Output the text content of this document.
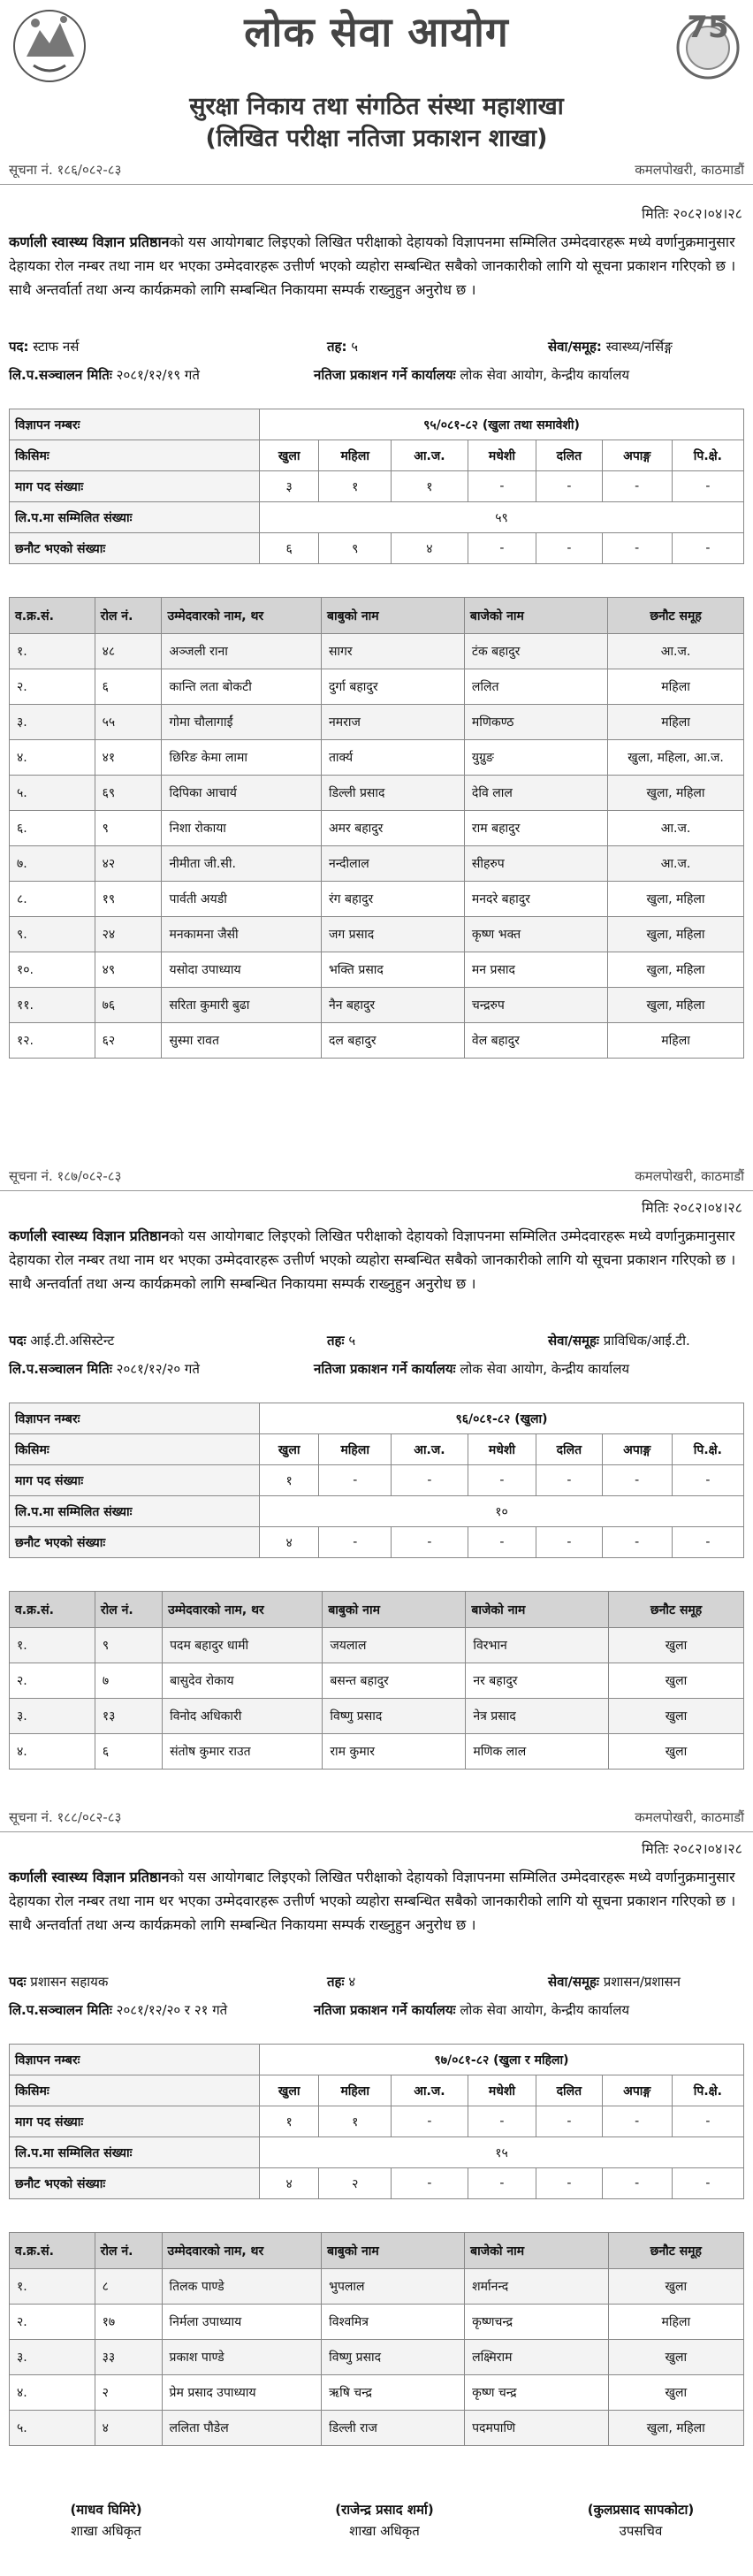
लोक सेवा आयोग	75
सुरक्षा निकाय तथा संगठित संस्था महाशाखा
(लिखित परीक्षा नतिजा प्रकाशन शाखा)
सूचना नं. १८६/०८२-८३	कमलपोखरी, काठमाडौं
मितिः २०८२।०४।२८
कर्णाली स्वास्थ्य विज्ञान प्रतिष्ठानको यस आयोगबाट लिइएको लिखित परीक्षाको देहायको विज्ञापनमा सम्मिलित उम्मेदवारहरू मध्ये वर्णानुक्रमानुसार देहायका रोल नम्बर तथा नाम थर भएका उम्मेदवारहरू उत्तीर्ण भएको व्यहोरा सम्बन्धित सबैको जानकारीको लागि यो सूचना प्रकाशन गरिएको छ । साथै अन्तर्वार्ता तथा अन्य कार्यक्रमको लागि सम्बन्धित निकायमा सम्पर्क राख्नुहुन अनुरोध छ ।
पद: स्टाफ नर्स	तह: ५	सेवा/समूह: स्वास्थ्य/नर्सिङ्ग
लि.प.सञ्चालन मितिः २०८१/१२/१९ गते	नतिजा प्रकाशन गर्ने कार्यालयः लोक सेवा आयोग, केन्द्रीय कार्यालय
विज्ञापन नम्बरः	९५/०८१-८२ (खुला तथा समावेशी)						
किसिमः	खुला	महिला	आ.ज.	मधेशी	दलित	अपाङ्ग	पि.क्षे.
माग पद संख्याः	३	१	१	-	-	-	-
लि.प.मा सम्मिलित संख्याः	५९						
छनौट भएको संख्याः	६	९	४	-	-	-	-
व.क्र.सं.	रोल नं.	उम्मेदवारको नाम, थर	बाबुको नाम	बाजेको नाम	छनौट समूह
१.	४८	अञ्जली राना	सागर	टंक बहादुर	आ.ज.
२.	६	कान्ति लता बोकटी	दुर्गा बहादुर	ललित	महिला
३.	५५	गोमा चौलागाईं	नमराज	मणिकण्ठ	महिला
४.	४१	छिरिङ केमा लामा	तार्क्य	युग्रुङ	खुला, महिला, आ.ज.
५.	६९	दिपिका आचार्य	डिल्ली प्रसाद	देवि लाल	खुला, महिला
६.	९	निशा रोकाया	अमर बहादुर	राम बहादुर	आ.ज.
७.	४२	नीमीता जी.सी.	नन्दीलाल	सीहरुप	आ.ज.
८.	१९	पार्वती अयडी	रंग बहादुर	मनदरे बहादुर	खुला, महिला
९.	२४	मनकामना जैसी	जग प्रसाद	कृष्ण भक्त	खुला, महिला
१०.	४९	यसोदा उपाध्याय	भक्ति प्रसाद	मन प्रसाद	खुला, महिला
११.	७६	सरिता कुमारी बुढा	नैन बहादुर	चन्द्ररुप	खुला, महिला
१२.	६२	सुस्मा रावत	दल बहादुर	वेल बहादुर	महिला
सूचना नं. १८७/०८२-८३	कमलपोखरी, काठमाडौं
मितिः २०८२।०४।२८
कर्णाली स्वास्थ्य विज्ञान प्रतिष्ठानको यस आयोगबाट लिइएको लिखित परीक्षाको देहायको विज्ञापनमा सम्मिलित उम्मेदवारहरू मध्ये वर्णानुक्रमानुसार देहायका रोल नम्बर तथा नाम थर भएका उम्मेदवारहरू उत्तीर्ण भएको व्यहोरा सम्बन्धित सबैको जानकारीको लागि यो सूचना प्रकाशन गरिएको छ । साथै अन्तर्वार्ता तथा अन्य कार्यक्रमको लागि सम्बन्धित निकायमा सम्पर्क राख्नुहुन अनुरोध छ ।
पदः आई.टी.असिस्टेन्ट	तहः ५	सेवा/समूहः प्राविधिक/आई.टी.
लि.प.सञ्चालन मितिः २०८१/१२/२० गते	नतिजा प्रकाशन गर्ने कार्यालयः लोक सेवा आयोग, केन्द्रीय कार्यालय
विज्ञापन नम्बरः	९६/०८१-८२ (खुला)						
किसिमः	खुला	महिला	आ.ज.	मधेशी	दलित	अपाङ्ग	पि.क्षे.
माग पद संख्याः	१	-	-	-	-	-	-
लि.प.मा सम्मिलित संख्याः	१०						
छनौट भएको संख्याः	४	-	-	-	-	-	-
व.क्र.सं.	रोल नं.	उम्मेदवारको नाम, थर	बाबुको नाम	बाजेको नाम	छनौट समूह
१.	९	पदम बहादुर धामी	जयलाल	विरभान	खुला
२.	७	बासुदेव रोकाय	बसन्त बहादुर	नर बहादुर	खुला
३.	१३	विनोद अधिकारी	विष्णु प्रसाद	नेत्र प्रसाद	खुला
४.	६	संतोष कुमार राउत	राम कुमार	मणिक लाल	खुला
सूचना नं. १८८/०८२-८३	कमलपोखरी, काठमाडौं
मितिः २०८२।०४।२८
कर्णाली स्वास्थ्य विज्ञान प्रतिष्ठानको यस आयोगबाट लिइएको लिखित परीक्षाको देहायको विज्ञापनमा सम्मिलित उम्मेदवारहरू मध्ये वर्णानुक्रमानुसार देहायका रोल नम्बर तथा नाम थर भएका उम्मेदवारहरू उत्तीर्ण भएको व्यहोरा सम्बन्धित सबैको जानकारीको लागि यो सूचना प्रकाशन गरिएको छ । साथै अन्तर्वार्ता तथा अन्य कार्यक्रमको लागि सम्बन्धित निकायमा सम्पर्क राख्नुहुन अनुरोध छ ।
पदः प्रशासन सहायक	तहः ४	सेवा/समूहः प्रशासन/प्रशासन
लि.प.सञ्चालन मितिः २०८१/१२/२० र २१ गते	नतिजा प्रकाशन गर्ने कार्यालयः लोक सेवा आयोग, केन्द्रीय कार्यालय
विज्ञापन नम्बरः	९७/०८१-८२ (खुला र महिला)						
किसिमः	खुला	महिला	आ.ज.	मधेशी	दलित	अपाङ्ग	पि.क्षे.
माग पद संख्याः	१	१	-	-	-	-	-
लि.प.मा सम्मिलित संख्याः	१५						
छनौट भएको संख्याः	४	२	-	-	-	-	-
व.क्र.सं.	रोल नं.	उम्मेदवारको नाम, थर	बाबुको नाम	बाजेको नाम	छनौट समूह
१.	८	तिलक पाण्डे	भुपलाल	शर्मानन्द	खुला
२.	१७	निर्मला उपाध्याय	विश्वमित्र	कृष्णचन्द्र	महिला
३.	३३	प्रकाश पाण्डे	विष्णु प्रसाद	लक्ष्मिराम	खुला
४.	२	प्रेम प्रसाद उपाध्याय	ऋषि चन्द्र	कृष्ण चन्द्र	खुला
५.	४	ललिता पौडेल	डिल्ली राज	पदमपाणि	खुला, महिला
(माधव घिमिरे)
शाखा अधिकृत
(राजेन्द्र प्रसाद शर्मा)
शाखा अधिकृत
(कुलप्रसाद सापकोटा)
उपसचिव
